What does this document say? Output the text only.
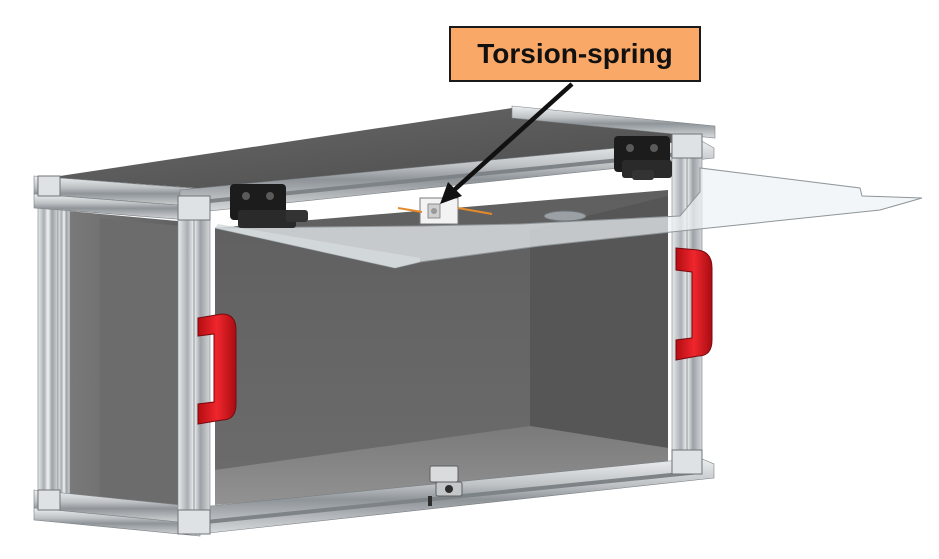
Torsion-spring
